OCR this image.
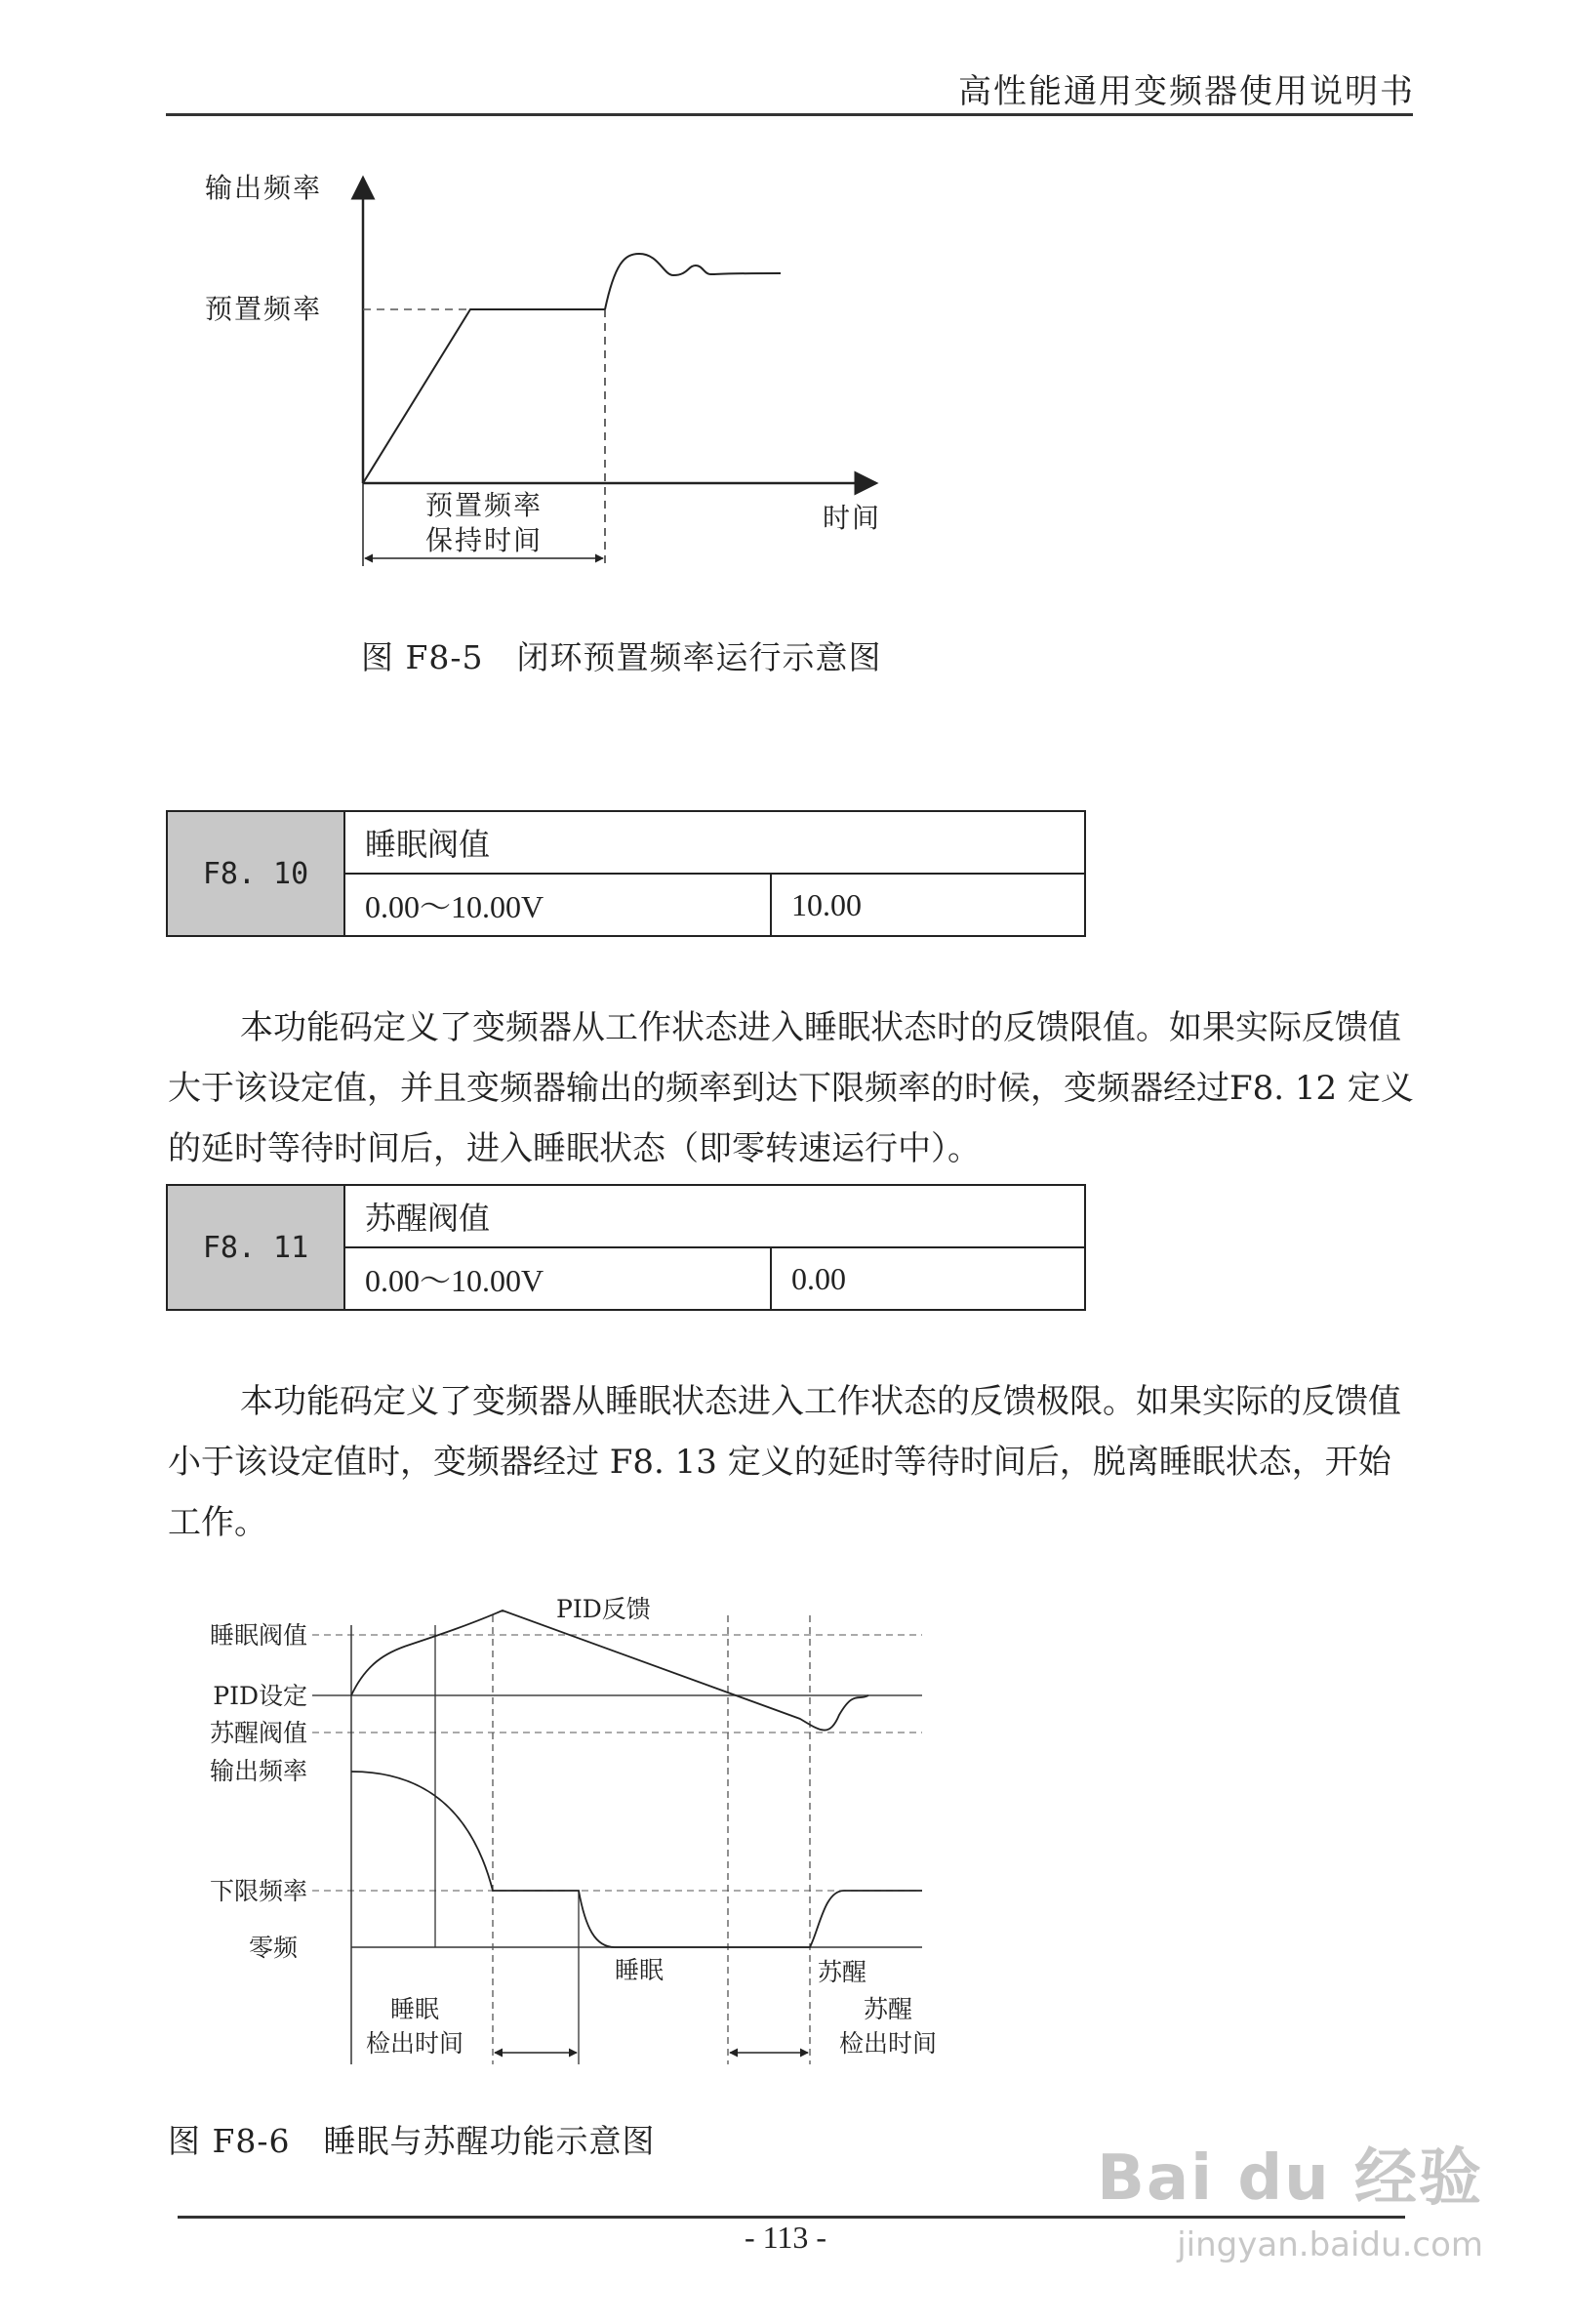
高性能通用变频器使用说明书
输出频率
预置频率
时间
预置频率
保持时间
图 F8-5　闭环预置频率运行示意图
F8. 10	睡眠阀值	
	0.00～10.00V	10.00

本功能码定义了变频器从工作状态进入睡眠状态时的反馈限值。如果实际反馈值大于该设定值，并且变频器输出的频率到达下限频率的时候，变频器经过F8. 12 定义的延时等待时间后，进入睡眠状态（即零转速运行中）。

F8. 11	苏醒阀值	
	0.00～10.00V	0.00

本功能码定义了变频器从睡眠状态进入工作状态的反馈极限。如果实际的反馈值小于该设定值时，变频器经过 F8. 13 定义的延时等待时间后，脱离睡眠状态，开始工作。

睡眠阀值
PID设定
苏醒阀值
输出频率
下限频率
零频
PID反馈
睡眠	苏醒
睡眠
检出时间
苏醒
检出时间
图 F8-6　睡眠与苏醒功能示意图
- 113 -
Bai du 经验
jingyan.baidu.com
